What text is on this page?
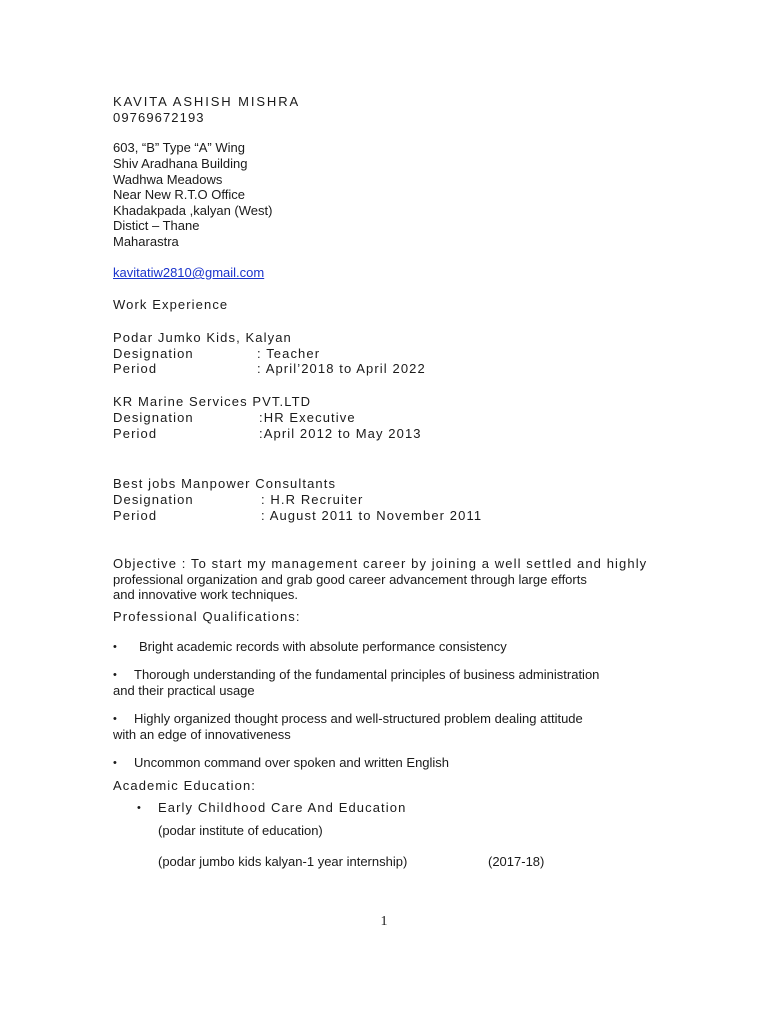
KAVITA ASHISH MISHRA
09769672193
603, “B” Type “A” Wing
Shiv Aradhana Building
Wadhwa Meadows
Near New R.T.O Office
Khadakpada ,kalyan (West)
Distict – Thane
Maharastra
kavitatiw2810@gmail.com
Work Experience
Podar Jumko Kids, Kalyan
Designation	: Teacher
Period	: April’2018 to April 2022
KR Marine Services PVT.LTD
Designation	:HR Executive
Period	:April 2012 to May 2013
Best jobs Manpower Consultants
Designation	: H.R Recruiter
Period	: August 2011 to November 2011
Objective : To start my management career by joining a well settled and highly
professional organization and grab good career advancement through large efforts
and innovative work techniques.
Professional Qualifications:
• Bright academic records with absolute performance consistency
• Thorough understanding of the fundamental principles of business administration
and their practical usage
• Highly organized thought process and well-structured problem dealing attitude
with an edge of innovativeness
• Uncommon command over spoken and written English
Academic Education:
• Early Childhood Care And Education
(podar institute of education)
(podar jumbo kids kalyan-1 year internship)	(2017-18)
1
